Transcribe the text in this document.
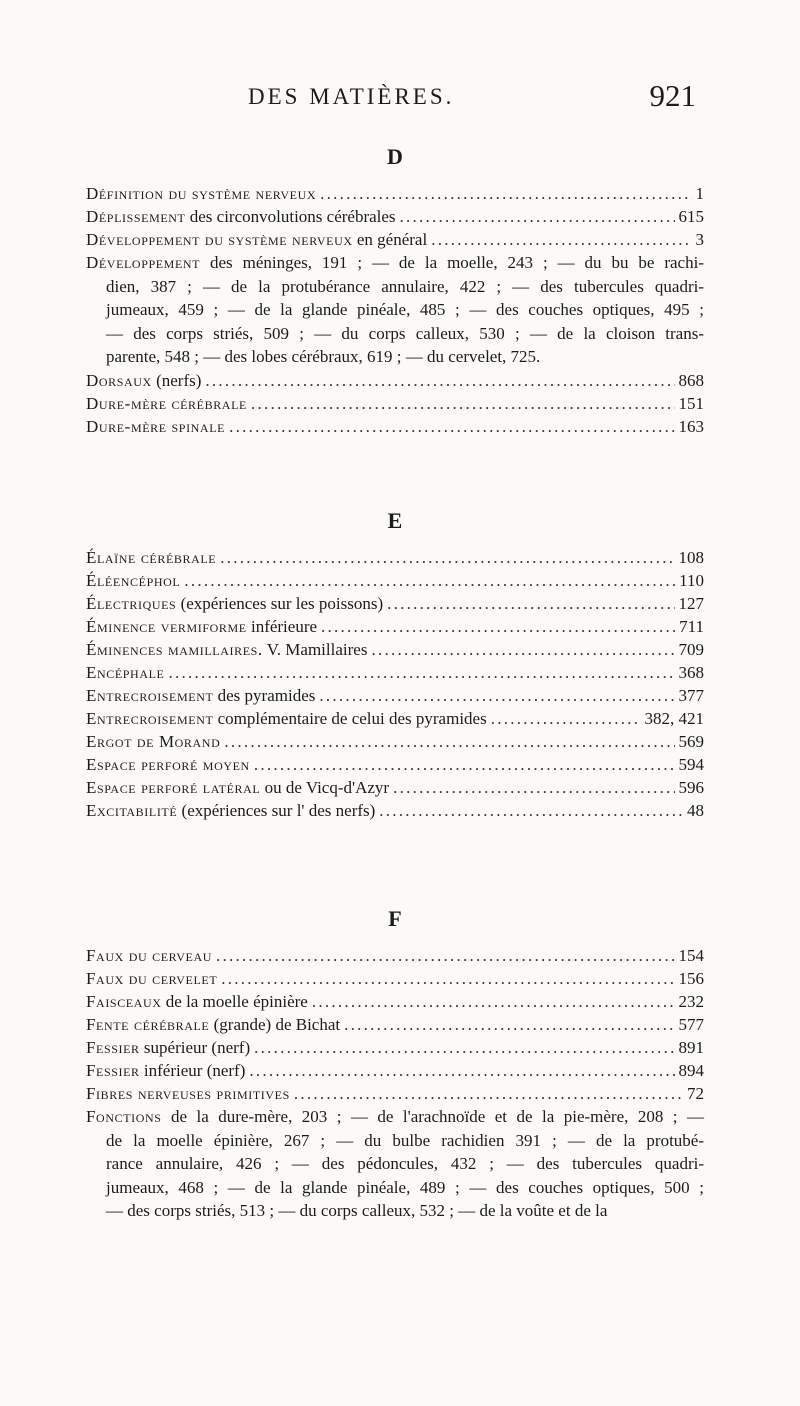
DES MATIÈRES.	921
D
Définition du système nerveux . . .	1
Déplissement des circonvolutions cérébrales . . .	615
Développement du système nerveux en général . . .	3
Développement des méninges, 191 ; — de la moelle, 243 ; — du bu be rachi-
dien, 387 ; — de la protubérance annulaire, 422 ; — des tubercules quadri-
jumeaux, 459 ; — de la glande pinéale, 485 ; — des couches optiques, 495 ;
— des corps striés, 509 ; — du corps calleux, 530 ; — de la cloison trans-
parente, 548 ; — des lobes cérébraux, 619 ; — du cervelet, 725.
Dorsaux (nerfs) . . .	868
Dure-mère cérébrale . . .	151
Dure-mère spinale . . .	163
E
Élaïne cérébrale . . .	108
Éléencéphol . . .	110
Électriques (expériences sur les poissons) . . .	127
Éminence vermiforme inférieure . . .	711
Éminences mamillaires. V. Mamillaires . . .	709
Encéphale . . .	368
Entrecroisement des pyramides . . .	377
Entrecroisement complémentaire de celui des pyramides . . .	382, 421
Ergot de Morand . . .	569
Espace perforé moyen . . .	594
Espace perforé latéral ou de Vicq-d'Azyr . . .	596
Excitabilité (expériences sur l' des nerfs) . . .	48
F
Faux du cerveau . . .	154
Faux du cervelet . . .	156
Faisceaux de la moelle épinière . . .	232
Fente cérébrale (grande) de Bichat . . .	577
Fessier supérieur (nerf) . . .	891
Fessier inférieur (nerf) . . .	894
Fibres nerveuses primitives . . .	72
Fonctions de la dure-mère, 203 ; — de l'arachnoïde et de la pie-mère, 208 ; —
de la moelle épinière, 267 ; — du bulbe rachidien 391 ; — de la protubé-
rance annulaire, 426 ; — des pédoncules, 432 ; — des tubercules quadri-
jumeaux, 468 ; — de la glande pinéale, 489 ; — des couches optiques, 500 ;
— des corps striés, 513 ; — du corps calleux, 532 ; — de la voûte et de la
